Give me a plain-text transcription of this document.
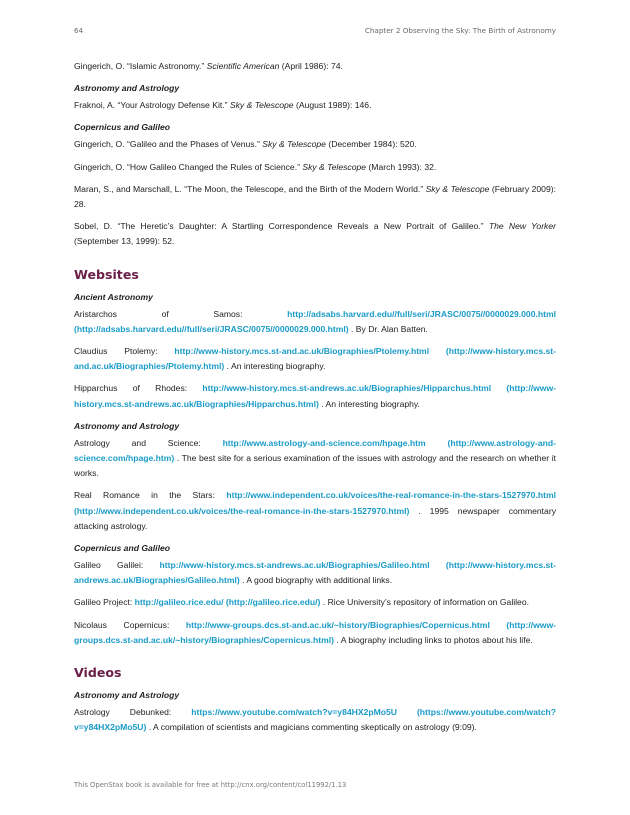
64	Chapter 2 Observing the Sky: The Birth of Astronomy

Gingerich, O. “Islamic Astronomy.” Scientific American (April 1986): 74.

Astronomy and Astrology

Fraknoi, A. “Your Astrology Defense Kit.” Sky & Telescope (August 1989): 146.

Copernicus and Galileo

Gingerich, O. “Galileo and the Phases of Venus.” Sky & Telescope (December 1984): 520.

Gingerich, O. “How Galileo Changed the Rules of Science.” Sky & Telescope (March 1993): 32.

Maran, S., and Marschall, L. “The Moon, the Telescope, and the Birth of the Modern World.” Sky & Telescope (February 2009): 28.

Sobel, D. “The Heretic’s Daughter: A Startling Correspondence Reveals a New Portrait of Galileo.” The New Yorker (September 13, 1999): 52.

Websites
Ancient Astronomy

Aristarchos of Samos:	http://adsabs.harvard.edu//full/seri/JRASC/0075//0000029.000.html (http://adsabs.harvard.edu//full/seri/JRASC/0075//0000029.000.html) . By Dr. Alan Batten.

Claudius Ptolemy: http://www-history.mcs.st-and.ac.uk/Biographies/Ptolemy.html (http://www-history.mcs.st-and.ac.uk/Biographies/Ptolemy.html) . An interesting biography.

Hipparchus of Rhodes: http://www-history.mcs.st-andrews.ac.uk/Biographies/Hipparchus.html (http://www-history.mcs.st-andrews.ac.uk/Biographies/Hipparchus.html) . An interesting biography.

Astronomy and Astrology

Astrology and Science:	http://www.astrology-and-science.com/hpage.htm	(http://www.astrology-and-science.com/hpage.htm) . The best site for a serious examination of the issues with astrology and the research on whether it works.

Real Romance in the Stars: http://www.independent.co.uk/voices/the-real-romance-in-the-stars-1527970.html (http://www.independent.co.uk/voices/the-real-romance-in-the-stars-1527970.html) . 1995 newspaper commentary attacking astrology.

Copernicus and Galileo

Galileo Galilei: http://www-history.mcs.st-andrews.ac.uk/Biographies/Galileo.html (http://www-history.mcs.st-andrews.ac.uk/Biographies/Galileo.html) . A good biography with additional links.

Galileo Project: http://galileo.rice.edu/ (http://galileo.rice.edu/) . Rice University’s repository of information on Galileo.

Nicolaus Copernicus: http://www-groups.dcs.st-and.ac.uk/~history/Biographies/Copernicus.html (http://www-groups.dcs.st-and.ac.uk/~history/Biographies/Copernicus.html) . A biography including links to photos about his life.

Videos
Astronomy and Astrology

Astrology Debunked: https://www.youtube.com/watch?v=y84HX2pMo5U (https://www.youtube.com/watch?v=y84HX2pMo5U) . A compilation of scientists and magicians commenting skeptically on astrology (9:09).

This OpenStax book is available for free at http://cnx.org/content/col11992/1.13
